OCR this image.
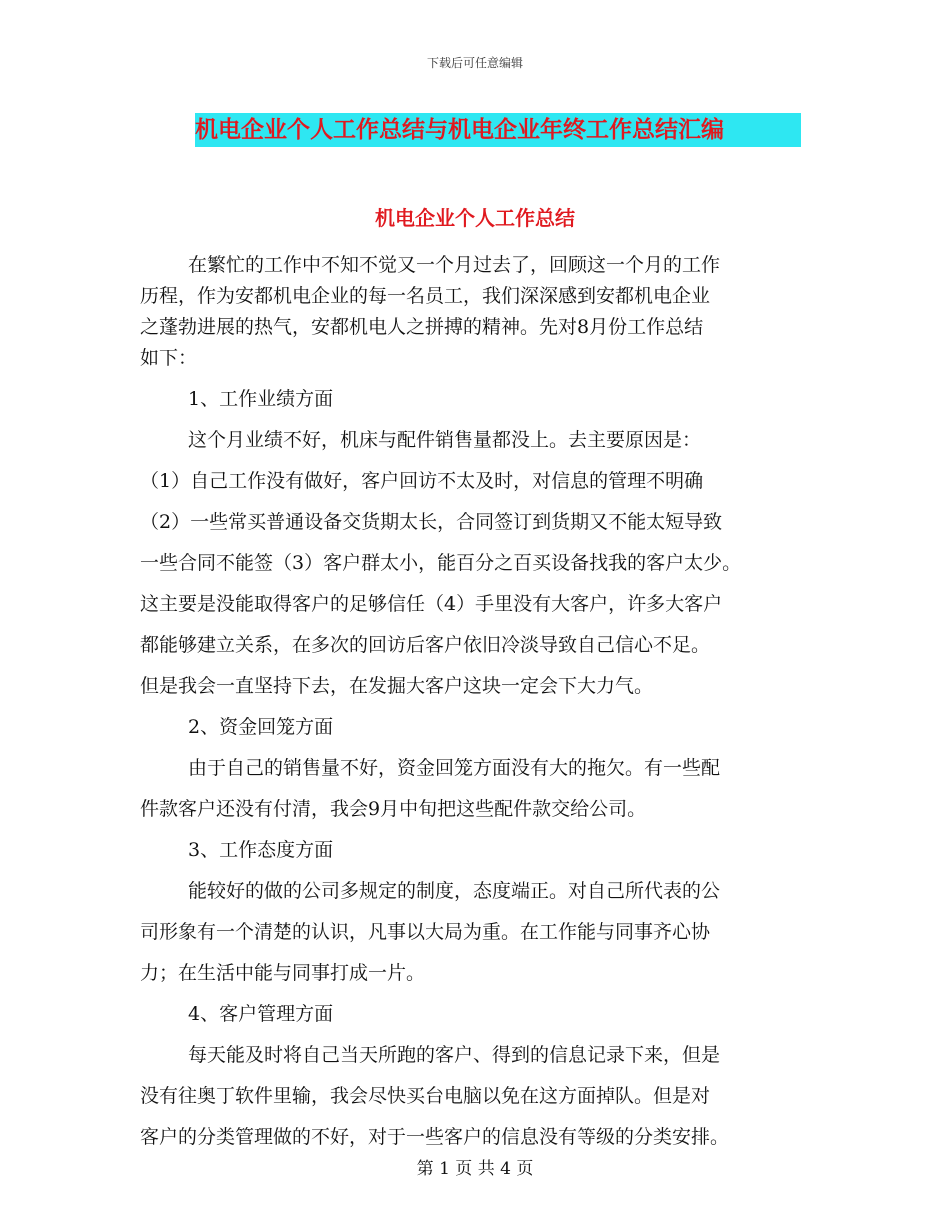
下载后可任意编辑
机电企业个人工作总结与机电企业年终工作总结汇编
机电企业个人工作总结
在繁忙的工作中不知不觉又一个月过去了，回顾这一个月的工作
历程，作为安都机电企业的每一名员工，我们深深感到安都机电企业
之蓬勃进展的热气，安都机电人之拼搏的精神。先对8月份工作总结
如下：
1、工作业绩方面
这个月业绩不好，机床与配件销售量都没上。去主要原因是：
（1）自己工作没有做好，客户回访不太及时，对信息的管理不明确
（2）一些常买普通设备交货期太长，合同签订到货期又不能太短导致
一些合同不能签（3）客户群太小，能百分之百买设备找我的客户太少。
这主要是没能取得客户的足够信任（4）手里没有大客户，许多大客户
都能够建立关系，在多次的回访后客户依旧冷淡导致自己信心不足。
但是我会一直坚持下去，在发掘大客户这块一定会下大力气。
2、资金回笼方面
由于自己的销售量不好，资金回笼方面没有大的拖欠。有一些配
件款客户还没有付清，我会9月中旬把这些配件款交给公司。
3、工作态度方面
能较好的做的公司多规定的制度，态度端正。对自己所代表的公
司形象有一个清楚的认识，凡事以大局为重。在工作能与同事齐心协
力；在生活中能与同事打成一片。
4、客户管理方面
每天能及时将自己当天所跑的客户、得到的信息记录下来，但是
没有往奥丁软件里输，我会尽快买台电脑以免在这方面掉队。但是对
客户的分类管理做的不好，对于一些客户的信息没有等级的分类安排。
第 1 页 共 4 页
